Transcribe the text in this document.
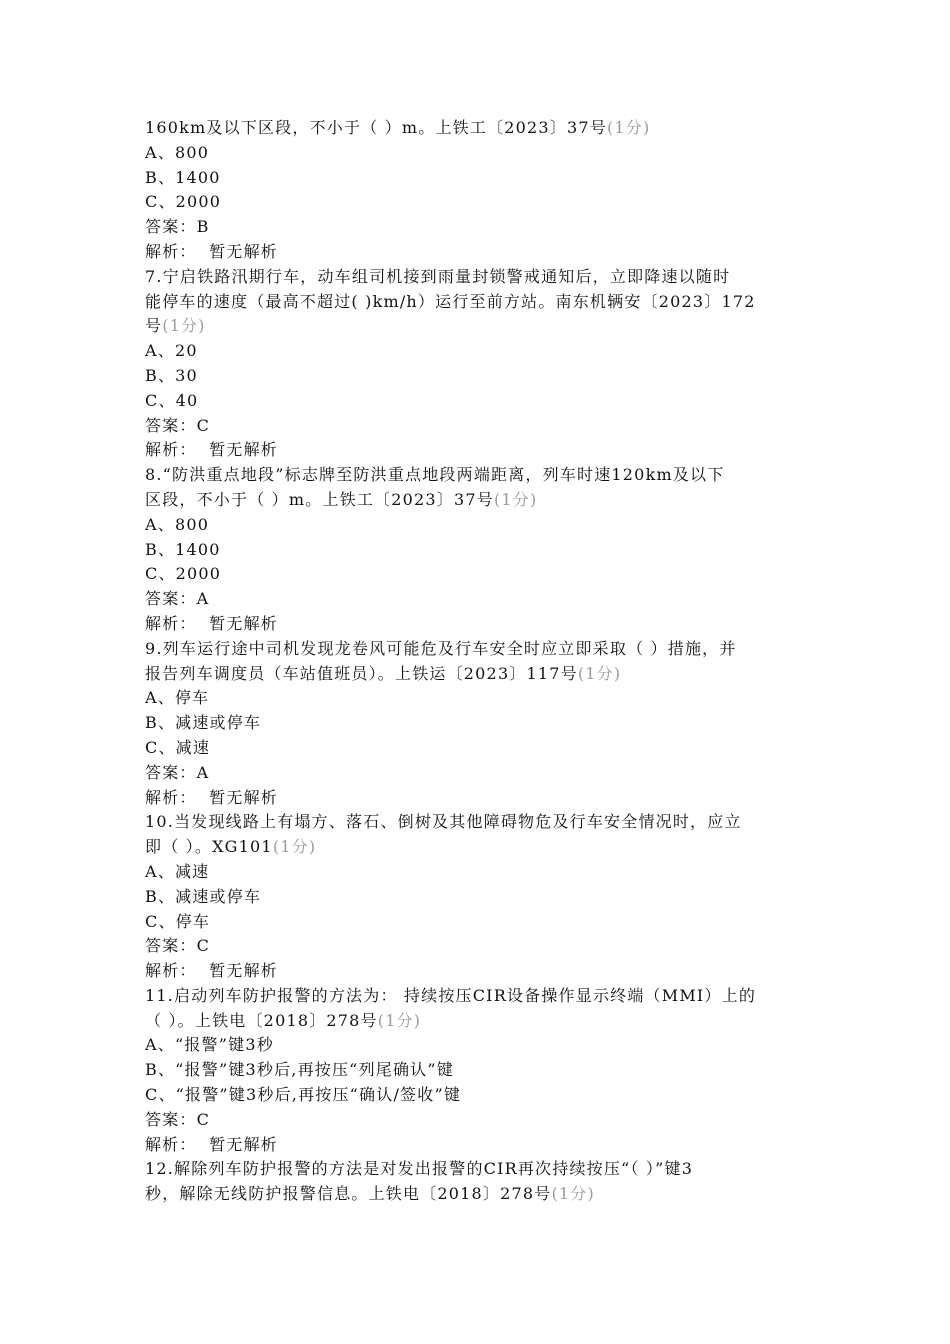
160km及以下区段，不小于（ ）m。上铁工〔2023〕37号(1分)
A、800
B、1400
C、2000
答案：B
解析： 暂无解析
7.宁启铁路汛期行车，动车组司机接到雨量封锁警戒通知后，立即降速以随时
能停车的速度（最高不超过( )km/h）运行至前方站。南东机辆安〔2023〕172
号(1分)
A、20
B、30
C、40
答案：C
解析： 暂无解析
8.“防洪重点地段”标志牌至防洪重点地段两端距离，列车时速120km及以下
区段，不小于（ ）m。上铁工〔2023〕37号(1分)
A、800
B、1400
C、2000
答案：A
解析： 暂无解析
9.列车运行途中司机发现龙卷风可能危及行车安全时应立即采取（ ）措施，并
报告列车调度员（车站值班员）。上铁运〔2023〕117号(1分)
A、停车
B、减速或停车
C、减速
答案：A
解析： 暂无解析
10.当发现线路上有塌方、落石、倒树及其他障碍物危及行车安全情况时，应立
即（ ）。XG101(1分)
A、减速
B、减速或停车
C、停车
答案：C
解析： 暂无解析
11.启动列车防护报警的方法为： 持续按压CIR设备操作显示终端（MMI）上的
（ ）。上铁电〔2018〕278号(1分)
A、“报警”键3秒
B、“报警”键3秒后,再按压“列尾确认”键
C、“报警”键3秒后,再按压“确认/签收”键
答案：C
解析： 暂无解析
12.解除列车防护报警的方法是对发出报警的CIR再次持续按压“（ ）”键3
秒，解除无线防护报警信息。上铁电〔2018〕278号(1分)
